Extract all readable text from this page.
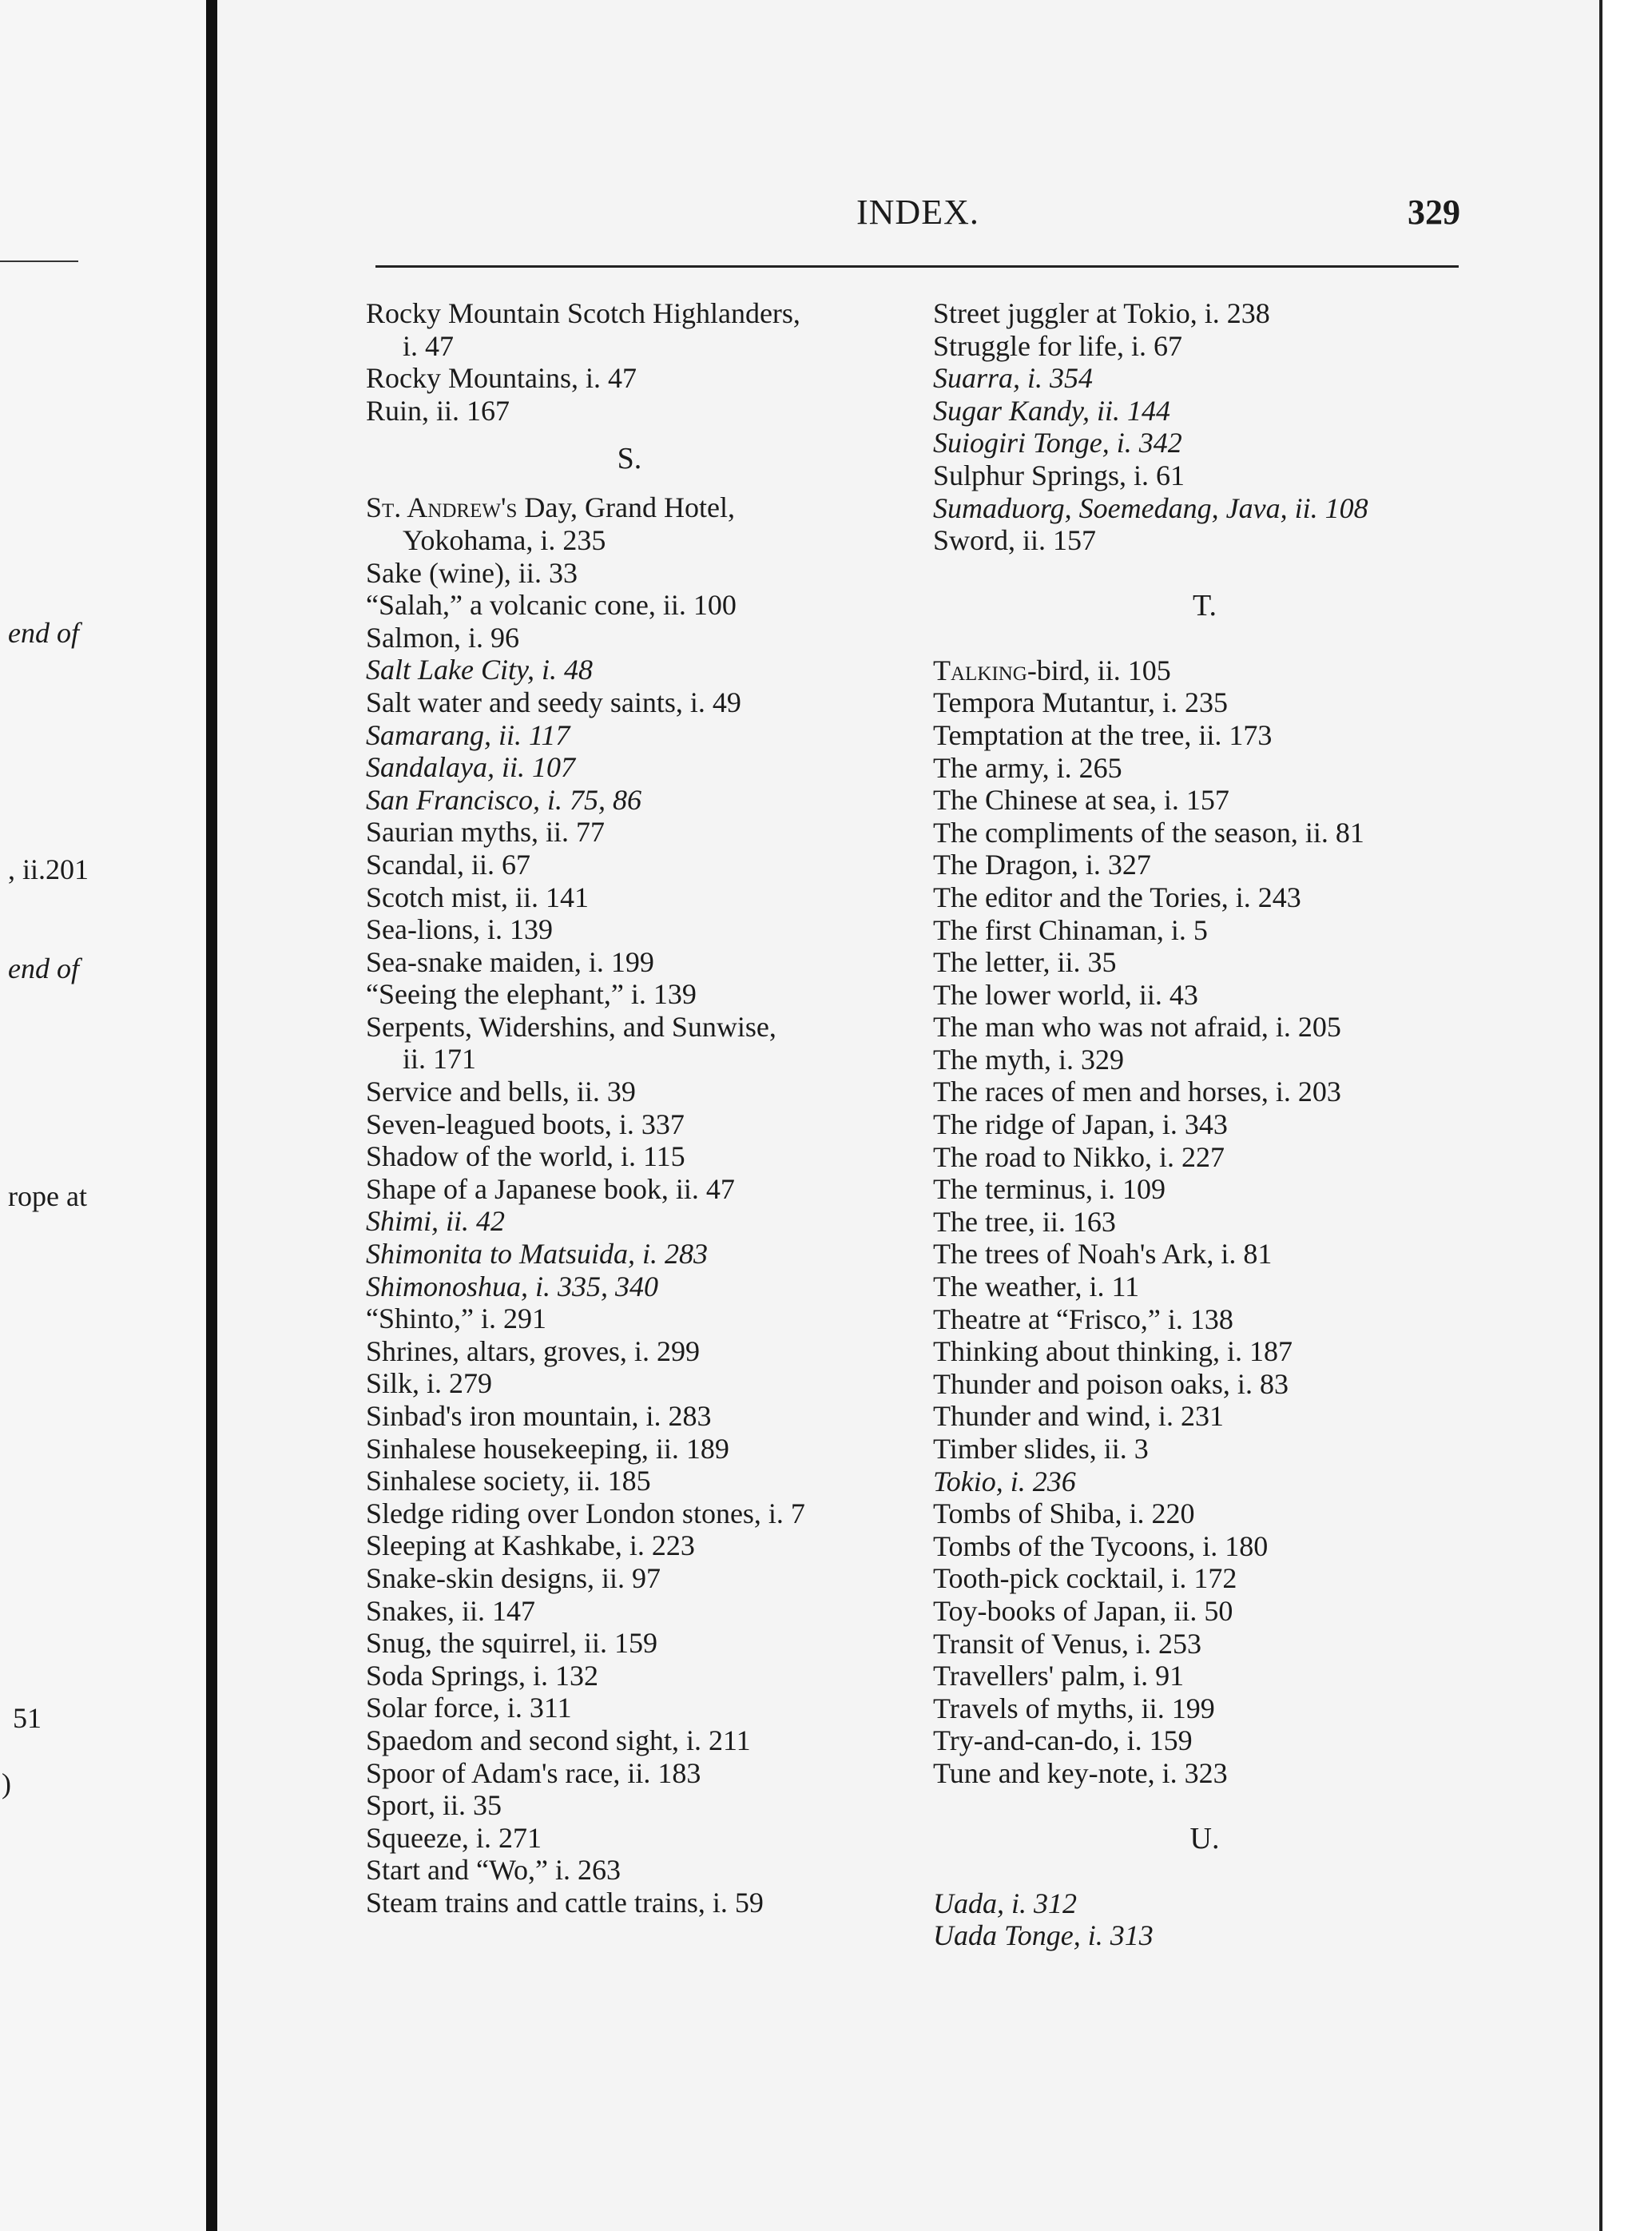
end of
, ii.201
end of
rope at
51
)
INDEX.	329
Rocky Mountain Scotch Highlanders,
i. 47
Rocky Mountains, i. 47
Ruin, ii. 167
S.
St. Andrew's Day, Grand Hotel,
Yokohama, i. 235
Sake (wine), ii. 33
“Salah,” a volcanic cone, ii. 100
Salmon, i. 96
Salt Lake City, i. 48
Salt water and seedy saints, i. 49
Samarang, ii. 117
Sandalaya, ii. 107
San Francisco, i. 75, 86
Saurian myths, ii. 77
Scandal, ii. 67
Scotch mist, ii. 141
Sea-lions, i. 139
Sea-snake maiden, i. 199
“Seeing the elephant,” i. 139
Serpents, Widershins, and Sunwise,
ii. 171
Service and bells, ii. 39
Seven-leagued boots, i. 337
Shadow of the world, i. 115
Shape of a Japanese book, ii. 47
Shimi, ii. 42
Shimonita to Matsuida, i. 283
Shimonoshua, i. 335, 340
“Shinto,” i. 291
Shrines, altars, groves, i. 299
Silk, i. 279
Sinbad's iron mountain, i. 283
Sinhalese housekeeping, ii. 189
Sinhalese society, ii. 185
Sledge riding over London stones, i. 7
Sleeping at Kashkabe, i. 223
Snake-skin designs, ii. 97
Snakes, ii. 147
Snug, the squirrel, ii. 159
Soda Springs, i. 132
Solar force, i. 311
Spaedom and second sight, i. 211
Spoor of Adam's race, ii. 183
Sport, ii. 35
Squeeze, i. 271
Start and “Wo,” i. 263
Steam trains and cattle trains, i. 59
Street juggler at Tokio, i. 238
Struggle for life, i. 67
Suarra, i. 354
Sugar Kandy, ii. 144
Suiogiri Tonge, i. 342
Sulphur Springs, i. 61
Sumaduorg, Soemedang, Java, ii. 108
Sword, ii. 157
T.
Talking-bird, ii. 105
Tempora Mutantur, i. 235
Temptation at the tree, ii. 173
The army, i. 265
The Chinese at sea, i. 157
The compliments of the season, ii. 81
The Dragon, i. 327
The editor and the Tories, i. 243
The first Chinaman, i. 5
The letter, ii. 35
The lower world, ii. 43
The man who was not afraid, i. 205
The myth, i. 329
The races of men and horses, i. 203
The ridge of Japan, i. 343
The road to Nikko, i. 227
The terminus, i. 109
The tree, ii. 163
The trees of Noah's Ark, i. 81
The weather, i. 11
Theatre at “Frisco,” i. 138
Thinking about thinking, i. 187
Thunder and poison oaks, i. 83
Thunder and wind, i. 231
Timber slides, ii. 3
Tokio, i. 236
Tombs of Shiba, i. 220
Tombs of the Tycoons, i. 180
Tooth-pick cocktail, i. 172
Toy-books of Japan, ii. 50
Transit of Venus, i. 253
Travellers' palm, i. 91
Travels of myths, ii. 199
Try-and-can-do, i. 159
Tune and key-note, i. 323
U.
Uada, i. 312
Uada Tonge, i. 313
